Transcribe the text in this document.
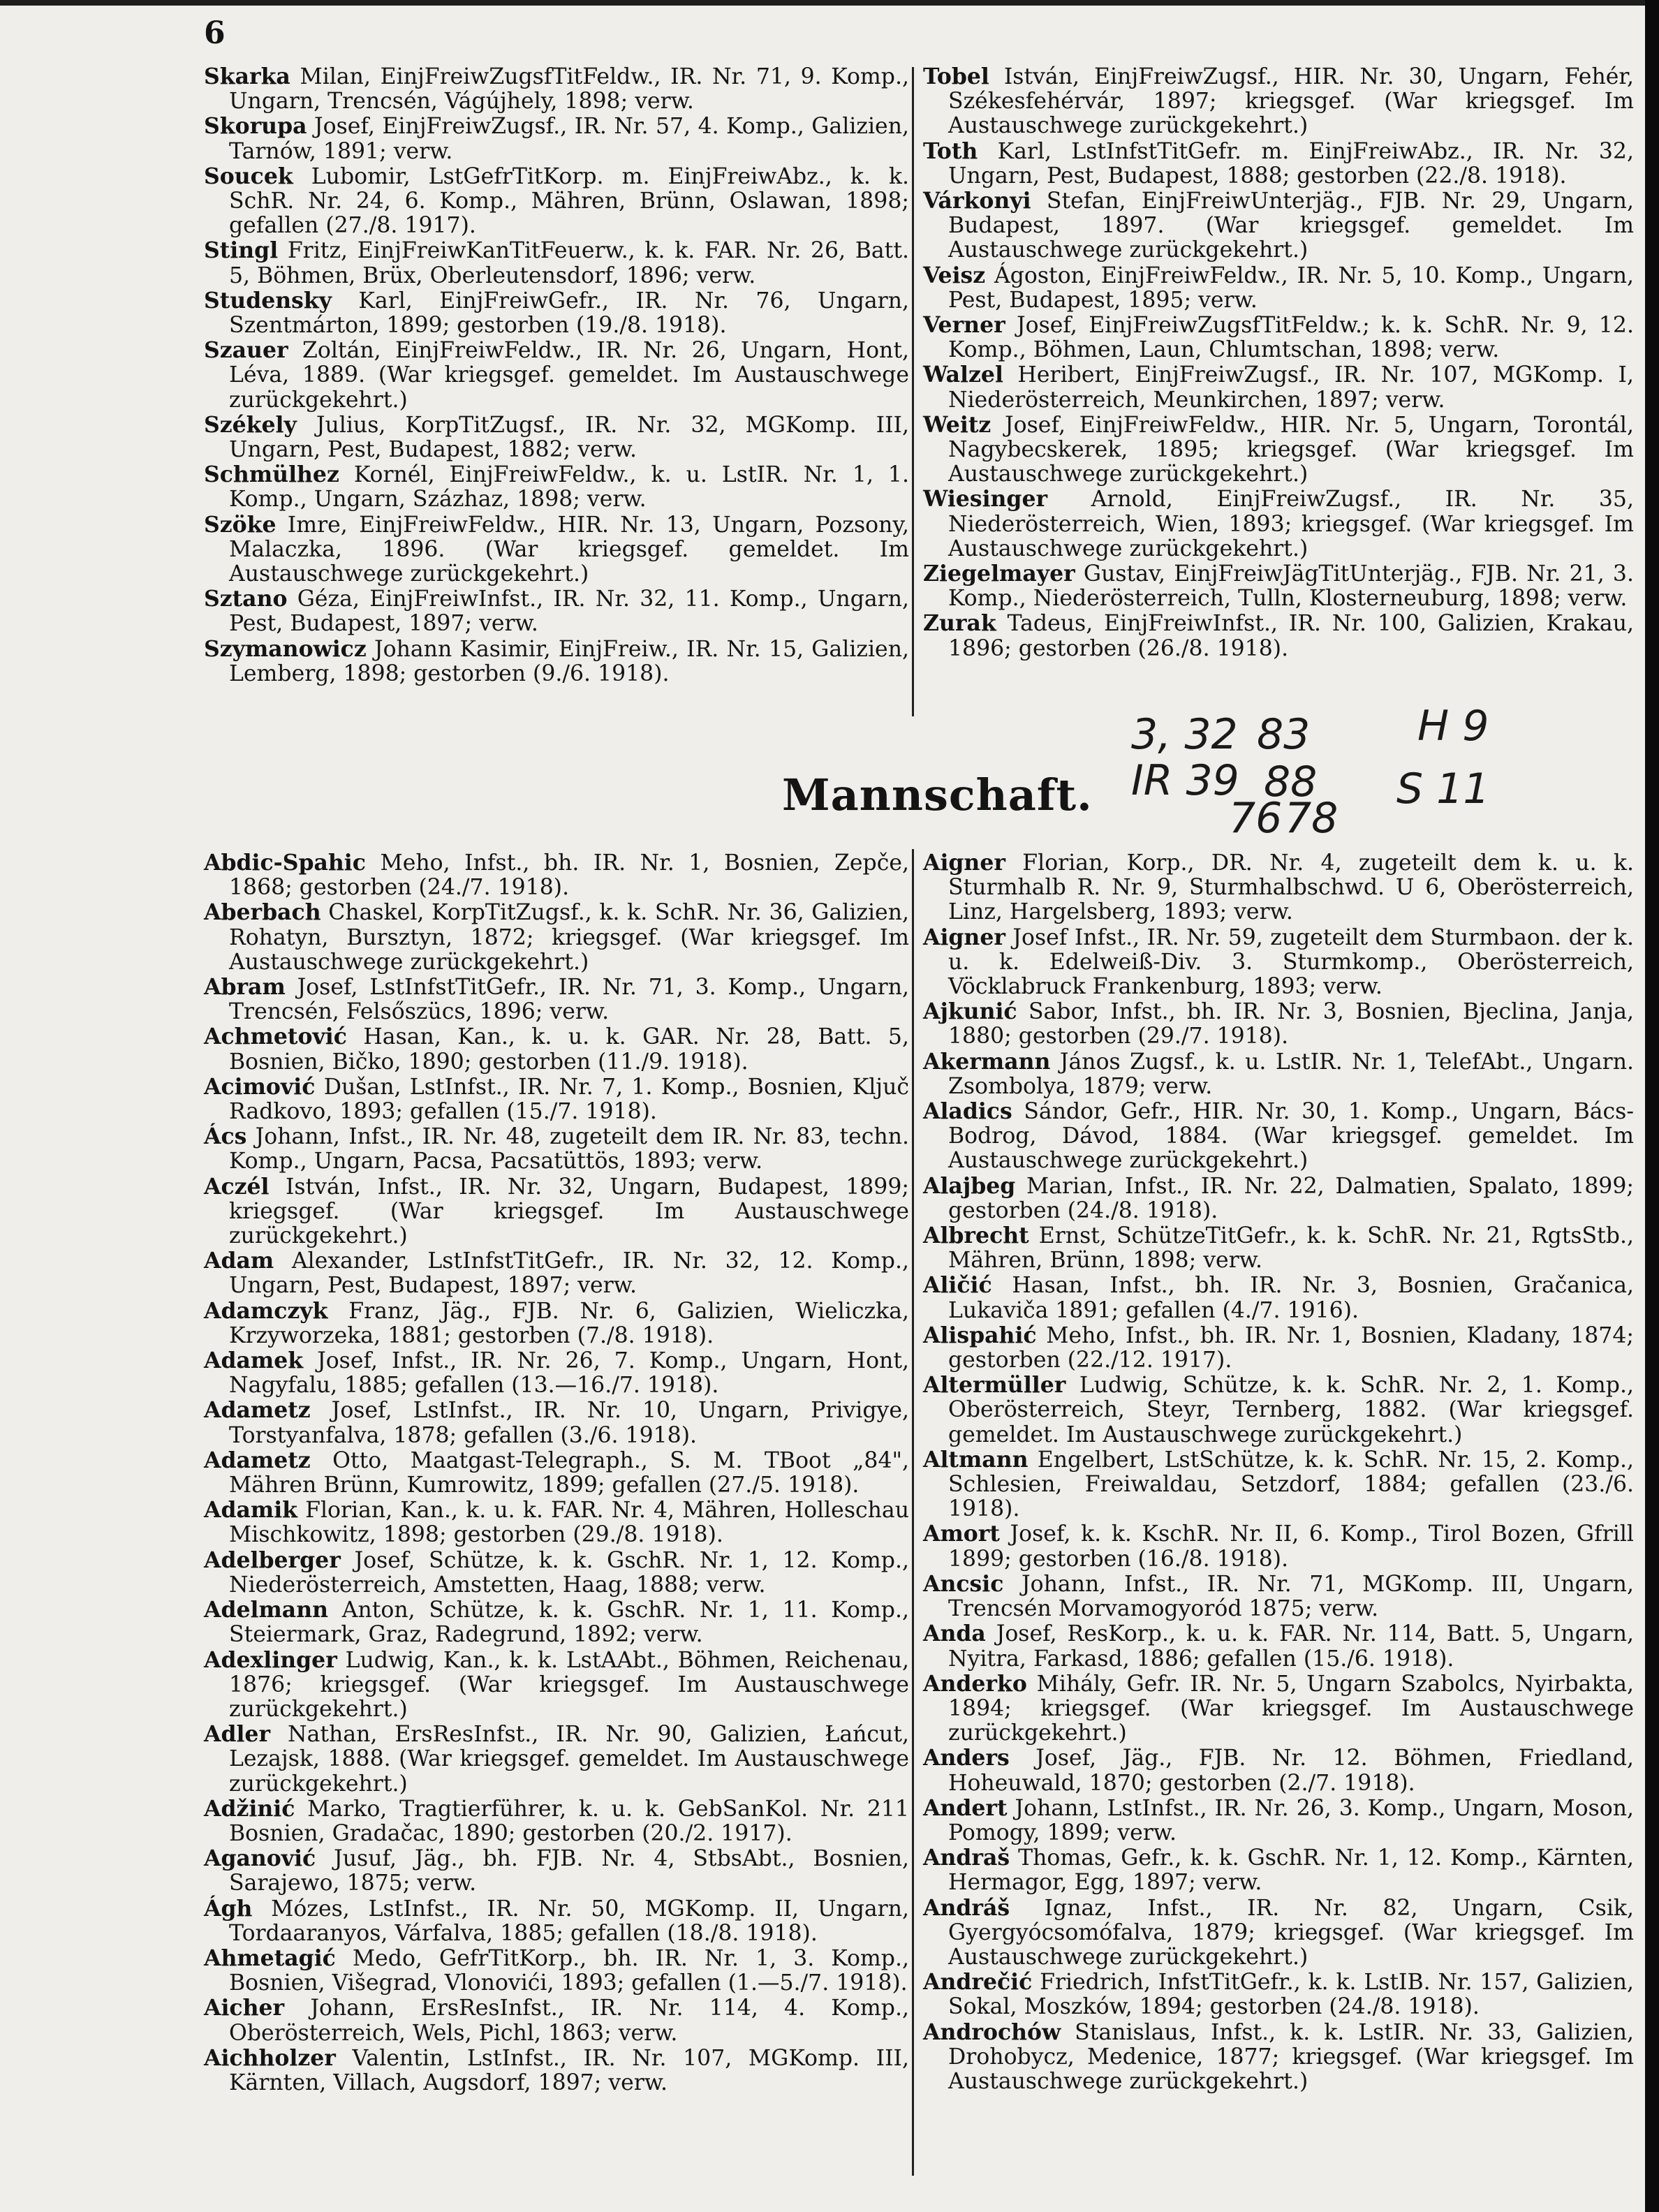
6

Skarka Milan, EinjFreiwZugsfTitFeldw., IR. Nr. 71, 9. Komp., Ungarn, Trencsén, Vágújhely, 1898; verw.

Skorupa Josef, EinjFreiwZugsf., IR. Nr. 57, 4. Komp., Galizien, Tarnów, 1891; verw.

Soucek Lubomir, LstGefrTitKorp. m. EinjFreiwAbz., k. k. SchR. Nr. 24, 6. Komp., Mähren, Brünn, Oslawan, 1898; gefallen (27./8. 1917).

Stingl Fritz, EinjFreiwKanTitFeuerw., k. k. FAR. Nr. 26, Batt. 5, Böhmen, Brüx, Oberleutensdorf, 1896; verw.

Studensky Karl, EinjFreiwGefr., IR. Nr. 76, Ungarn, Szentmárton, 1899; gestorben (19./8. 1918).

Szauer Zoltán, EinjFreiwFeldw., IR. Nr. 26, Ungarn, Hont, Léva, 1889. (War kriegsgef. gemeldet. Im Austauschwege zurückgekehrt.)

Székely Julius, KorpTitZugsf., IR. Nr. 32, MGKomp. III, Ungarn, Pest, Budapest, 1882; verw.

Schmülhez Kornél, EinjFreiwFeldw., k. u. LstIR. Nr. 1, 1. Komp., Ungarn, Százhaz, 1898; verw.

Szöke Imre, EinjFreiwFeldw., HIR. Nr. 13, Ungarn, Pozsony, Malaczka, 1896. (War kriegsgef. gemeldet. Im Austauschwege zurückgekehrt.)

Sztano Géza, EinjFreiwInfst., IR. Nr. 32, 11. Komp., Ungarn, Pest, Budapest, 1897; verw.

Szymanowicz Johann Kasimir, EinjFreiw., IR. Nr. 15, Galizien, Lemberg, 1898; gestorben (9./6. 1918).

Tobel István, EinjFreiwZugsf., HIR. Nr. 30, Ungarn, Fehér, Székesfehérvár, 1897; kriegsgef. (War kriegsgef. Im Austauschwege zurückgekehrt.)

Toth Karl, LstInfstTitGefr. m. EinjFreiwAbz., IR. Nr. 32, Ungarn, Pest, Budapest, 1888; gestorben (22./8. 1918).

Várkonyi Stefan, EinjFreiwUnterjäg., FJB. Nr. 29, Ungarn, Budapest, 1897. (War kriegsgef. gemeldet. Im Austauschwege zurückgekehrt.)

Veisz Ágoston, EinjFreiwFeldw., IR. Nr. 5, 10. Komp., Ungarn, Pest, Budapest, 1895; verw.

Verner Josef, EinjFreiwZugsfTitFeldw.; k. k. SchR. Nr. 9, 12. Komp., Böhmen, Laun, Chlumtschan, 1898; verw.

Walzel Heribert, EinjFreiwZugsf., IR. Nr. 107, MGKomp. I, Niederösterreich, Meunkirchen, 1897; verw.

Weitz Josef, EinjFreiwFeldw., HIR. Nr. 5, Ungarn, Torontál, Nagybecskerek, 1895; kriegsgef. (War kriegsgef. Im Austauschwege zurückgekehrt.)

Wiesinger Arnold, EinjFreiwZugsf., IR. Nr. 35, Niederösterreich, Wien, 1893; kriegsgef. (War kriegsgef. Im Austauschwege zurückgekehrt.)

Ziegelmayer Gustav, EinjFreiwJägTitUnterjäg., FJB. Nr. 21, 3. Komp., Niederösterreich, Tulln, Klosterneuburg, 1898; verw.

Zurak Tadeus, EinjFreiwInfst., IR. Nr. 100, Galizien, Krakau, 1896; gestorben (26./8. 1918).

3, 32 83	H 9
IR 39 88 S 11
76 78
Mannschaft.

Abdic-Spahic Meho, Infst., bh. IR. Nr. 1, Bosnien, Zepče, 1868; gestorben (24./7. 1918).

Aberbach Chaskel, KorpTitZugsf., k. k. SchR. Nr. 36, Galizien, Rohatyn, Bursztyn, 1872; kriegsgef. (War kriegsgef. Im Austauschwege zurückgekehrt.)

Abram Josef, LstInfstTitGefr., IR. Nr. 71, 3. Komp., Ungarn, Trencsén, Felsőszücs, 1896; verw.

Achmetović Hasan, Kan., k. u. k. GAR. Nr. 28, Batt. 5, Bosnien, Bičko, 1890; gestorben (11./9. 1918).

Acimović Dušan, LstInfst., IR. Nr. 7, 1. Komp., Bosnien, Ključ Radkovo, 1893; gefallen (15./7. 1918).

Ács Johann, Infst., IR. Nr. 48, zugeteilt dem IR. Nr. 83, techn. Komp., Ungarn, Pacsa, Pacsatüttös, 1893; verw.

Aczél István, Infst., IR. Nr. 32, Ungarn, Budapest, 1899; kriegsgef. (War kriegsgef. Im Austauschwege zurückgekehrt.)

Adam Alexander, LstInfstTitGefr., IR. Nr. 32, 12. Komp., Ungarn, Pest, Budapest, 1897; verw.

Adamczyk Franz, Jäg., FJB. Nr. 6, Galizien, Wieliczka, Krzyworzeka, 1881; gestorben (7./8. 1918).

Adamek Josef, Infst., IR. Nr. 26, 7. Komp., Ungarn, Hont, Nagyfalu, 1885; gefallen (13.—16./7. 1918).

Adametz Josef, LstInfst., IR. Nr. 10, Ungarn, Privigye, Torstyanfalva, 1878; gefallen (3./6. 1918).

Adametz Otto, Maatgast-Telegraph., S. M. TBoot „84", Mähren Brünn, Kumrowitz, 1899; gefallen (27./5. 1918).

Adamik Florian, Kan., k. u. k. FAR. Nr. 4, Mähren, Holleschau Mischkowitz, 1898; gestorben (29./8. 1918).

Adelberger Josef, Schütze, k. k. GschR. Nr. 1, 12. Komp., Niederösterreich, Amstetten, Haag, 1888; verw.

Adelmann Anton, Schütze, k. k. GschR. Nr. 1, 11. Komp., Steiermark, Graz, Radegrund, 1892; verw.

Adexlinger Ludwig, Kan., k. k. LstAAbt., Böhmen, Reichenau, 1876; kriegsgef. (War kriegsgef. Im Austauschwege zurückgekehrt.)

Adler Nathan, ErsResInfst., IR. Nr. 90, Galizien, Łańcut, Lezajsk, 1888. (War kriegsgef. gemeldet. Im Austauschwege zurückgekehrt.)

Adžinić Marko, Tragtierführer, k. u. k. GebSanKol. Nr. 211 Bosnien, Gradačac, 1890; gestorben (20./2. 1917).

Aganović Jusuf, Jäg., bh. FJB. Nr. 4, StbsAbt., Bosnien, Sarajewo, 1875; verw.

Ágh Mózes, LstInfst., IR. Nr. 50, MGKomp. II, Ungarn, Tordaaranyos, Várfalva, 1885; gefallen (18./8. 1918).

Ahmetagić Medo, GefrTitKorp., bh. IR. Nr. 1, 3. Komp., Bosnien, Višegrad, Vlonovići, 1893; gefallen (1.—5./7. 1918).

Aicher Johann, ErsResInfst., IR. Nr. 114, 4. Komp., Oberösterreich, Wels, Pichl, 1863; verw.

Aichholzer Valentin, LstInfst., IR. Nr. 107, MGKomp. III, Kärnten, Villach, Augsdorf, 1897; verw.

Aigner Florian, Korp., DR. Nr. 4, zugeteilt dem k. u. k. Sturmhalb R. Nr. 9, Sturmhalbschwd. U 6, Oberösterreich, Linz, Hargelsberg, 1893; verw.

Aigner Josef Infst., IR. Nr. 59, zugeteilt dem Sturmbaon. der k. u. k. Edelweiß-Div. 3. Sturmkomp., Oberösterreich, Vöcklabruck Frankenburg, 1893; verw.

Ajkunić Sabor, Infst., bh. IR. Nr. 3, Bosnien, Bjeclina, Janja, 1880; gestorben (29./7. 1918).

Akermann János Zugsf., k. u. LstIR. Nr. 1, TelefAbt., Ungarn. Zsombolya, 1879; verw.

Aladics Sándor, Gefr., HIR. Nr. 30, 1. Komp., Ungarn, Bács-Bodrog, Dávod, 1884. (War kriegsgef. gemeldet. Im Austauschwege zurückgekehrt.)

Alajbeg Marian, Infst., IR. Nr. 22, Dalmatien, Spalato, 1899; gestorben (24./8. 1918).

Albrecht Ernst, SchützeTitGefr., k. k. SchR. Nr. 21, RgtsStb., Mähren, Brünn, 1898; verw.

Aličić Hasan, Infst., bh. IR. Nr. 3, Bosnien, Gračanica, Lukaviča 1891; gefallen (4./7. 1916).

Alispahić Meho, Infst., bh. IR. Nr. 1, Bosnien, Kladany, 1874; gestorben (22./12. 1917).

Altermüller Ludwig, Schütze, k. k. SchR. Nr. 2, 1. Komp., Oberösterreich, Steyr, Ternberg, 1882. (War kriegsgef. gemeldet. Im Austauschwege zurückgekehrt.)

Altmann Engelbert, LstSchütze, k. k. SchR. Nr. 15, 2. Komp., Schlesien, Freiwaldau, Setzdorf, 1884; gefallen (23./6. 1918).

Amort Josef, k. k. KschR. Nr. II, 6. Komp., Tirol Bozen, Gfrill 1899; gestorben (16./8. 1918).

Ancsic Johann, Infst., IR. Nr. 71, MGKomp. III, Ungarn, Trencsén Morvamogyoród 1875; verw.

Anda Josef, ResKorp., k. u. k. FAR. Nr. 114, Batt. 5, Ungarn, Nyitra, Farkasd, 1886; gefallen (15./6. 1918).

Anderko Mihály, Gefr. IR. Nr. 5, Ungarn Szabolcs, Nyirbakta, 1894; kriegsgef. (War kriegsgef. Im Austauschwege zurückgekehrt.)

Anders Josef, Jäg., FJB. Nr. 12. Böhmen, Friedland, Hoheuwald, 1870; gestorben (2./7. 1918).

Andert Johann, LstInfst., IR. Nr. 26, 3. Komp., Ungarn, Moson, Pomogy, 1899; verw.

Andraš Thomas, Gefr., k. k. GschR. Nr. 1, 12. Komp., Kärnten, Hermagor, Egg, 1897; verw.

Andráš Ignaz, Infst., IR. Nr. 82, Ungarn, Csik, Gyergyócsomófalva, 1879; kriegsgef. (War kriegsgef. Im Austauschwege zurückgekehrt.)

Andrečić Friedrich, InfstTitGefr., k. k. LstIB. Nr. 157, Galizien, Sokal, Moszków, 1894; gestorben (24./8. 1918).

Androchów Stanislaus, Infst., k. k. LstIR. Nr. 33, Galizien, Drohobycz, Medenice, 1877; kriegsgef. (War kriegsgef. Im Austauschwege zurückgekehrt.)
